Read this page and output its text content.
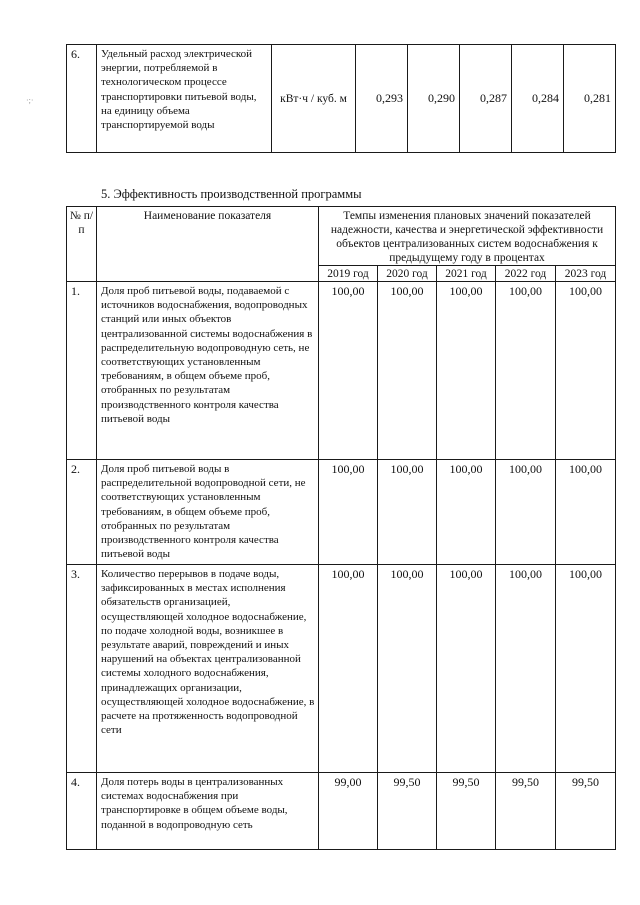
·;·
6.	Удельный расход электрической энергии, потребляемой в технологическом процессе транспортировки питьевой воды, на единицу объема транспортируемой воды	кВт·ч / куб. м	0,293	0,290	0,287	0,284	0,281
5. Эффективность производственной программы
№ п/п	Наименование показателя	Темпы изменения плановых значений показателей надежности, качества и энергетической эффективности объектов централизованных систем водоснабжения к предыдущему году в процентах				
		2019 год	2020 год	2021 год	2022 год	2023 год
1.	Доля проб питьевой воды, подаваемой с источников водоснабжения, водопроводных станций или иных объектов централизованной системы водоснабжения в распределительную водопроводную сеть, не соответствующих установленным требованиям, в общем объеме проб, отобранных по результатам производственного контроля качества питьевой воды	100,00	100,00	100,00	100,00	100,00
2.	Доля проб питьевой воды в распределительной водопроводной сети, не соответствующих установленным требованиям, в общем объеме проб, отобранных по результатам производственного контроля качества питьевой воды	100,00	100,00	100,00	100,00	100,00
3.	Количество перерывов в подаче воды, зафиксированных в местах исполнения обязательств организацией, осуществляющей холодное водоснабжение, по подаче холодной воды, возникшее в результате аварий, повреждений и иных нарушений на объектах централизованной системы холодного водоснабжения, принадлежащих организации, осуществляющей холодное водоснабжение, в расчете на протяженность водопроводной сети	100,00	100,00	100,00	100,00	100,00
4.	Доля потерь воды в централизованных системах водоснабжения при транспортировке в общем объеме воды, поданной в водопроводную сеть	99,00	99,50	99,50	99,50	99,50
